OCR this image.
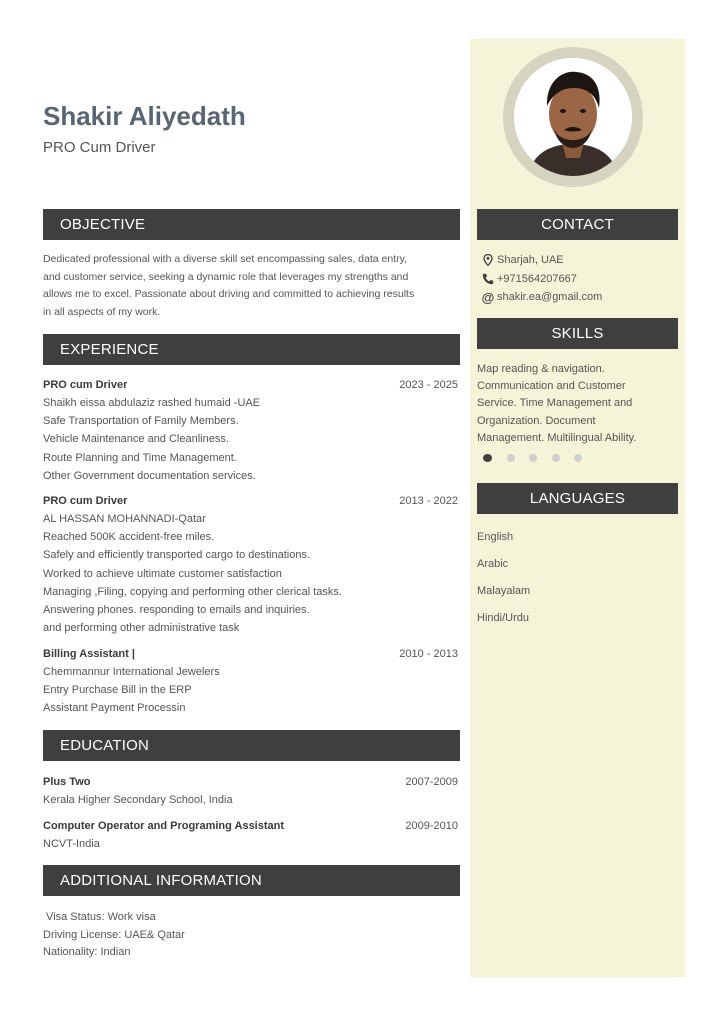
Shakir Aliyedath
PRO Cum Driver
OBJECTIVE
Dedicated professional with a diverse skill set encompassing sales, data entry,
and customer service, seeking a dynamic role that leverages my strengths and
allows me to excel. Passionate about driving and committed to achieving results
in all aspects of my work.
EXPERIENCE
PRO cum Driver	2023 - 2025
Shaikh eissa abdulaziz rashed humaid -UAE
Safe Transportation of Family Members.
Vehicle Maintenance and Cleanliness.
Route Planning and Time Management.
Other Government documentation services.
PRO cum Driver	2013 - 2022
AL HASSAN MOHANNADI-Qatar
Reached 500K accident-free miles.
Safely and efficiently transported cargo to destinations.
Worked to achieve ultimate customer satisfaction
Managing ,Filing, copying and performing other clerical tasks.
Answering phones. responding to emails and inquiries.
and performing other administrative task
Billing Assistant |	2010 - 2013
Chemmannur International Jewelers
Entry Purchase Bill in the ERP
Assistant Payment Processin
EDUCATION
Plus Two	2007-2009
Kerala Higher Secondary School, India
Computer Operator and Programing Assistant	2009-2010
NCVT-India
ADDITIONAL INFORMATION
Visa Status: Work visa
Driving License: UAE& Qatar
Nationality: Indian
CONTACT
Sharjah, UAE
+971564207667
@ shakir.ea@gmail.com
SKILLS
Map reading & navigation.
Communication and Customer
Service. Time Management and
Organization. Document
Management. Multilingual Ability.
LANGUAGES
English
Arabic
Malayalam
Hindi/Urdu
